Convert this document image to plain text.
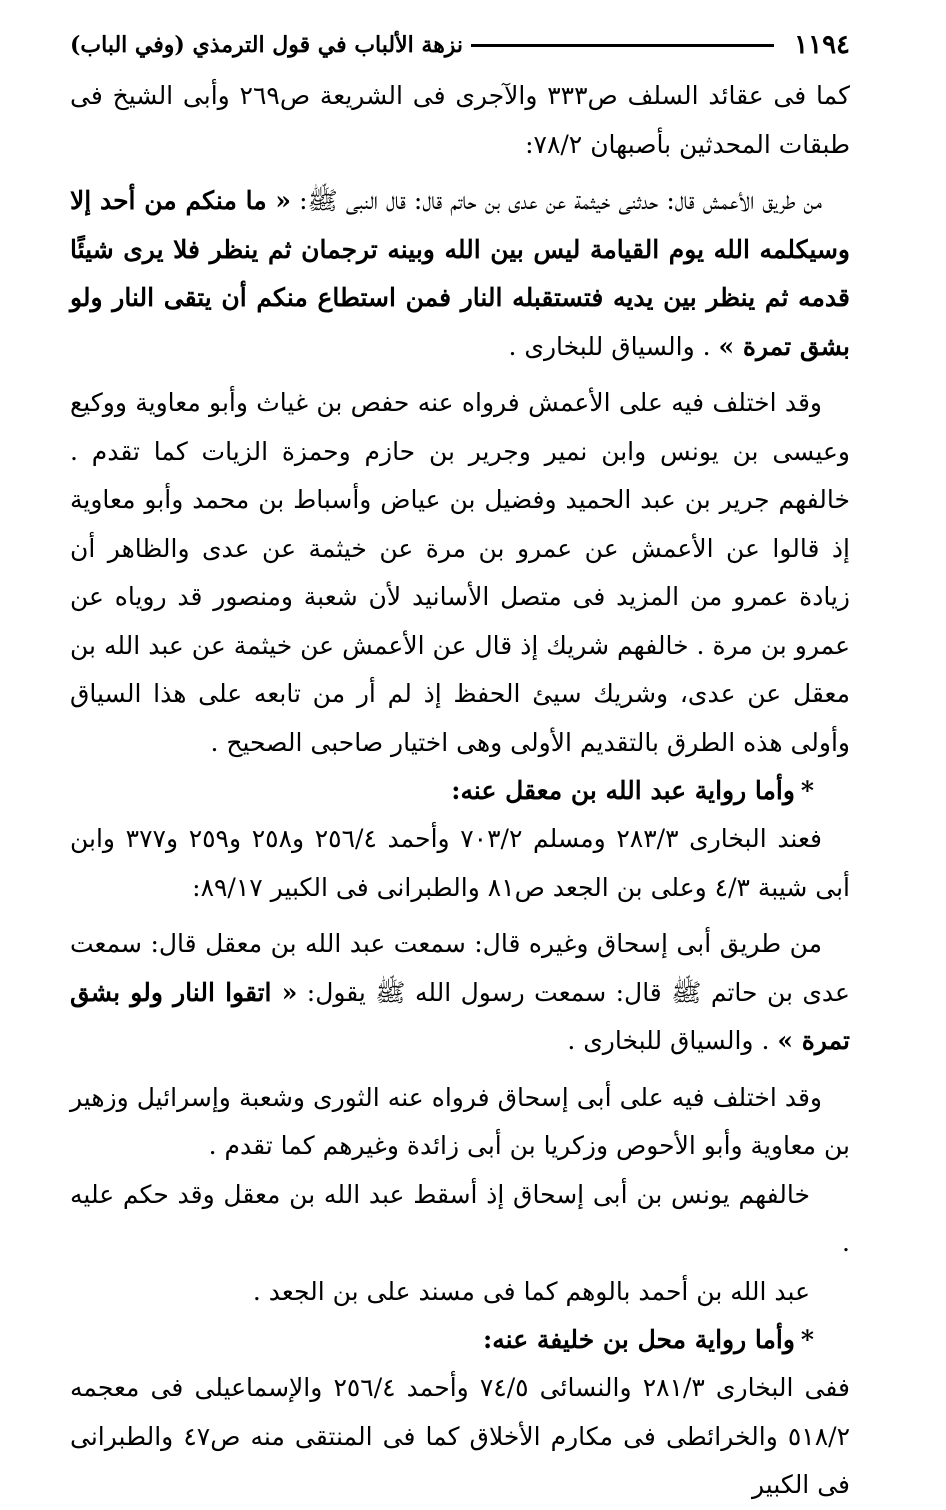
١١٩٤
نزهة الألباب في قول الترمذي (وفي الباب)

كما فى عقائد السلف ص٣٣٣ والآجرى فى الشريعة ص٢٦٩ وأبى الشيخ فى طبقات المحدثين بأصبهان ٧٨/٢:

من طريق الأعمش قال: حدثنى خيثمة عن عدى بن حاتم قال: قال النبى ﷺ: « ما منكم من أحد إلا وسيكلمه الله يوم القيامة ليس بين الله وبينه ترجمان ثم ينظر فلا يرى شيئًا قدمه ثم ينظر بين يديه فتستقبله النار فمن استطاع منكم أن يتقى النار ولو بشق تمرة » . والسياق للبخارى .

وقد اختلف فيه على الأعمش فرواه عنه حفص بن غياث وأبو معاوية ووكيع وعيسى بن يونس وابن نمير وجرير بن حازم وحمزة الزيات كما تقدم . خالفهم جرير بن عبد الحميد وفضيل بن عياض وأسباط بن محمد وأبو معاوية إذ قالوا عن الأعمش عن عمرو بن مرة عن خيثمة عن عدى والظاهر أن زيادة عمرو من المزيد فى متصل الأسانيد لأن شعبة ومنصور قد روياه عن عمرو بن مرة . خالفهم شريك إذ قال عن الأعمش عن خيثمة عن عبد الله بن معقل عن عدى، وشريك سيئ الحفظ إذ لم أر من تابعه على هذا السياق وأولى هذه الطرق بالتقديم الأولى وهى اختيار صاحبى الصحيح .

*وأما رواية عبد الله بن معقل عنه:

فعند البخارى ٢٨٣/٣ ومسلم ٧٠٣/٢ وأحمد ٢٥٦/٤ و٢٥٨ و٢٥٩ و٣٧٧ وابن أبى شيبة ٤/٣ وعلى بن الجعد ص٨١ والطبرانى فى الكبير ٨٩/١٧:

من طريق أبى إسحاق وغيره قال: سمعت عبد الله بن معقل قال: سمعت عدى بن حاتم ﷺ قال: سمعت رسول الله ﷺ يقول: « اتقوا النار ولو بشق تمرة » . والسياق للبخارى .

وقد اختلف فيه على أبى إسحاق فرواه عنه الثورى وشعبة وإسرائيل وزهير بن معاوية وأبو الأحوص وزكريا بن أبى زائدة وغيرهم كما تقدم .

خالفهم يونس بن أبى إسحاق إذ أسقط عبد الله بن معقل وقد حكم عليه .

عبد الله بن أحمد بالوهم كما فى مسند على بن الجعد .

*وأما رواية محل بن خليفة عنه:

ففى البخارى ٢٨١/٣ والنسائى ٧٤/٥ وأحمد ٢٥٦/٤ والإسماعيلى فى معجمه ٥١٨/٢ والخرائطى فى مكارم الأخلاق كما فى المنتقى منه ص٤٧ والطبرانى فى الكبير
